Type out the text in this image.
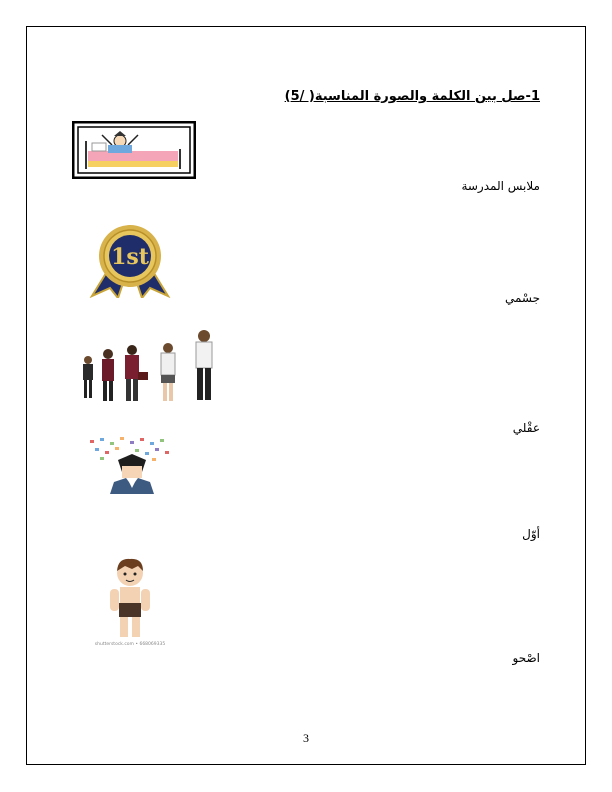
1-صل بين الكلمة والصورة المناسبة( /5)
ملابس المدرسة
1st
جسْمي
عقْلي
أوّل
shutterstock.com • 668069335
اصْحو
3
